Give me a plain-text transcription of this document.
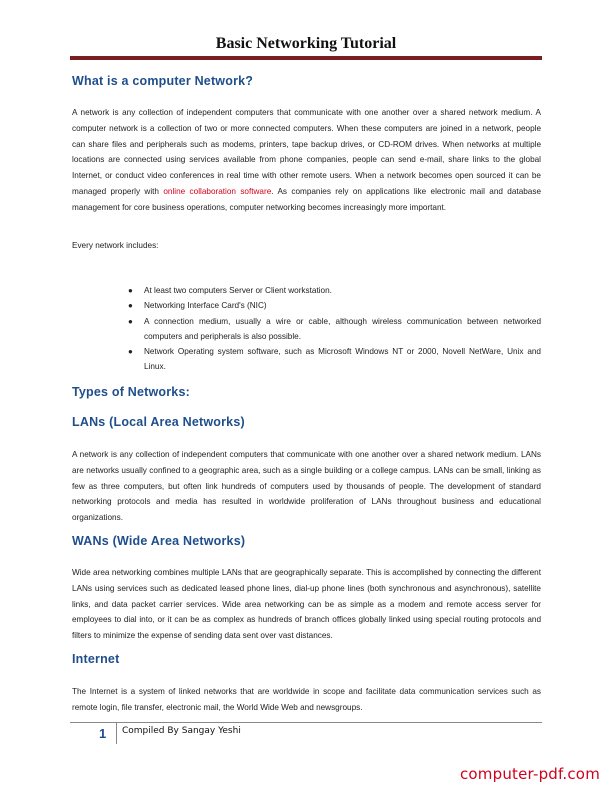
Basic Networking Tutorial
What is a computer Network?

A network is any collection of independent computers that communicate with one another over a shared network medium. A computer network is a collection of two or more connected computers. When these computers are joined in a network, people can share files and peripherals such as modems, printers, tape backup drives, or CD-ROM drives. When networks at multiple locations are connected using services available from phone companies, people can send e-mail, share links to the global Internet, or conduct video conferences in real time with other remote users. When a network becomes open sourced it can be managed properly with online collaboration software. As companies rely on applications like electronic mail and database management for core business operations, computer networking becomes increasingly more important.

Every network includes:

● At least two computers Server or Client workstation.
● Networking Interface Card's (NIC)
● A connection medium, usually a wire or cable, although wireless communication between networked computers and peripherals is also possible.
● Network Operating system software, such as Microsoft Windows NT or 2000, Novell NetWare, Unix and Linux.
Types of Networks:
LANs (Local Area Networks)

A network is any collection of independent computers that communicate with one another over a shared network medium. LANs are networks usually confined to a geographic area, such as a single building or a college campus. LANs can be small, linking as few as three computers, but often link hundreds of computers used by thousands of people. The development of standard networking protocols and media has resulted in worldwide proliferation of LANs throughout business and educational organizations.

WANs (Wide Area Networks)

Wide area networking combines multiple LANs that are geographically separate. This is accomplished by connecting the different LANs using services such as dedicated leased phone lines, dial-up phone lines (both synchronous and asynchronous), satellite links, and data packet carrier services. Wide area networking can be as simple as a modem and remote access server for employees to dial into, or it can be as complex as hundreds of branch offices globally linked using special routing protocols and filters to minimize the expense of sending data sent over vast distances.

Internet

The Internet is a system of linked networks that are worldwide in scope and facilitate data communication services such as remote login, file transfer, electronic mail, the World Wide Web and newsgroups.

1 Compiled By Sangay Yeshi
computer-pdf.com
